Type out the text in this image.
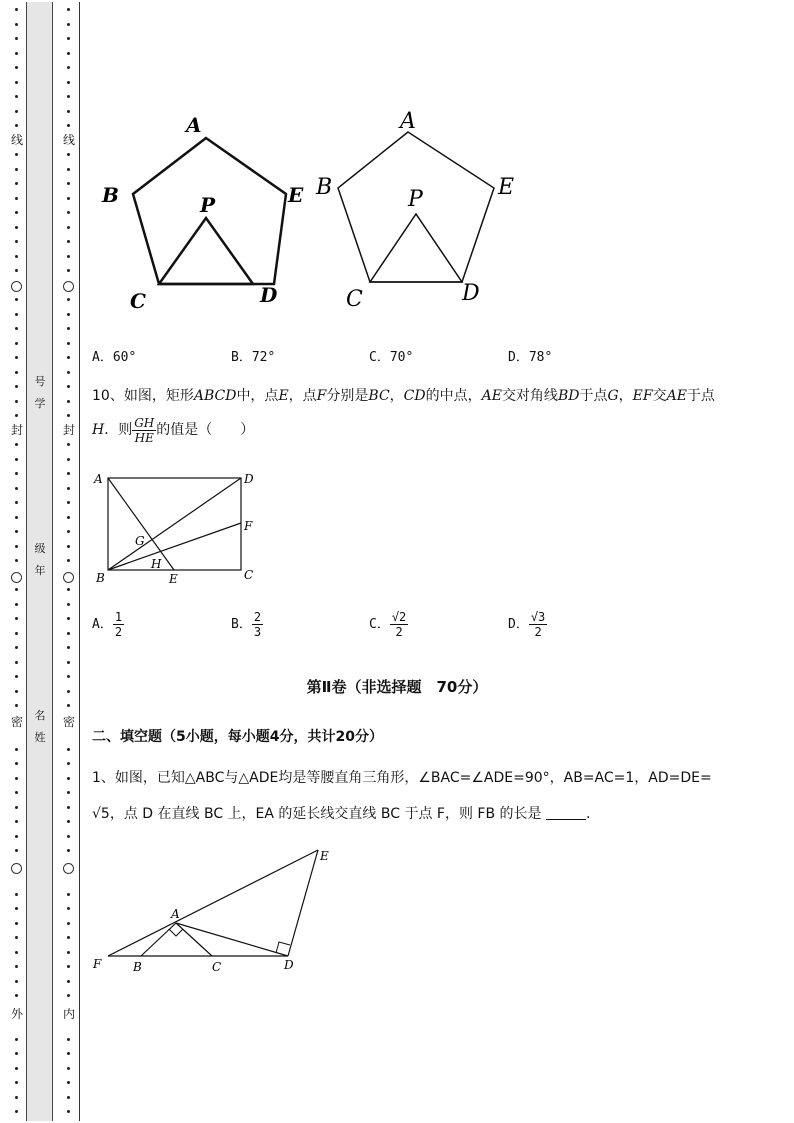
线
封
密
外
线
封
密
内
号
学
级
年
名
姓
A
B	E
P
C	D
A
B	E
P
C	D
A．60°	B．72°	C．70°	D．78°
10、如图，矩形ABCD中，点E，点F分别是BC，CD的中点，AE交对角线BD于点G，EF交AE于点
H．则 $\frac{GH}{HE}$ 的值是（　　）
A	D
F
G
B
H
E	C
A． $\frac{1}{2}$	B． $\frac{2}{3}$	C． $\frac{√2}{2}$	D． $\frac{√3}{2}$
第Ⅱ卷（非选择题　70分）
二、填空题（5小题，每小题4分，共计20分）
1、如图，已知△ABC与△ADE均是等腰直角三角形，∠BAC=∠ADE=90°，AB=AC=1，AD=DE=
√5，点 D 在直线 BC 上，EA 的延长线交直线 BC 于点 F，则 FB 的长是	.
E
A
F	B	C	D
